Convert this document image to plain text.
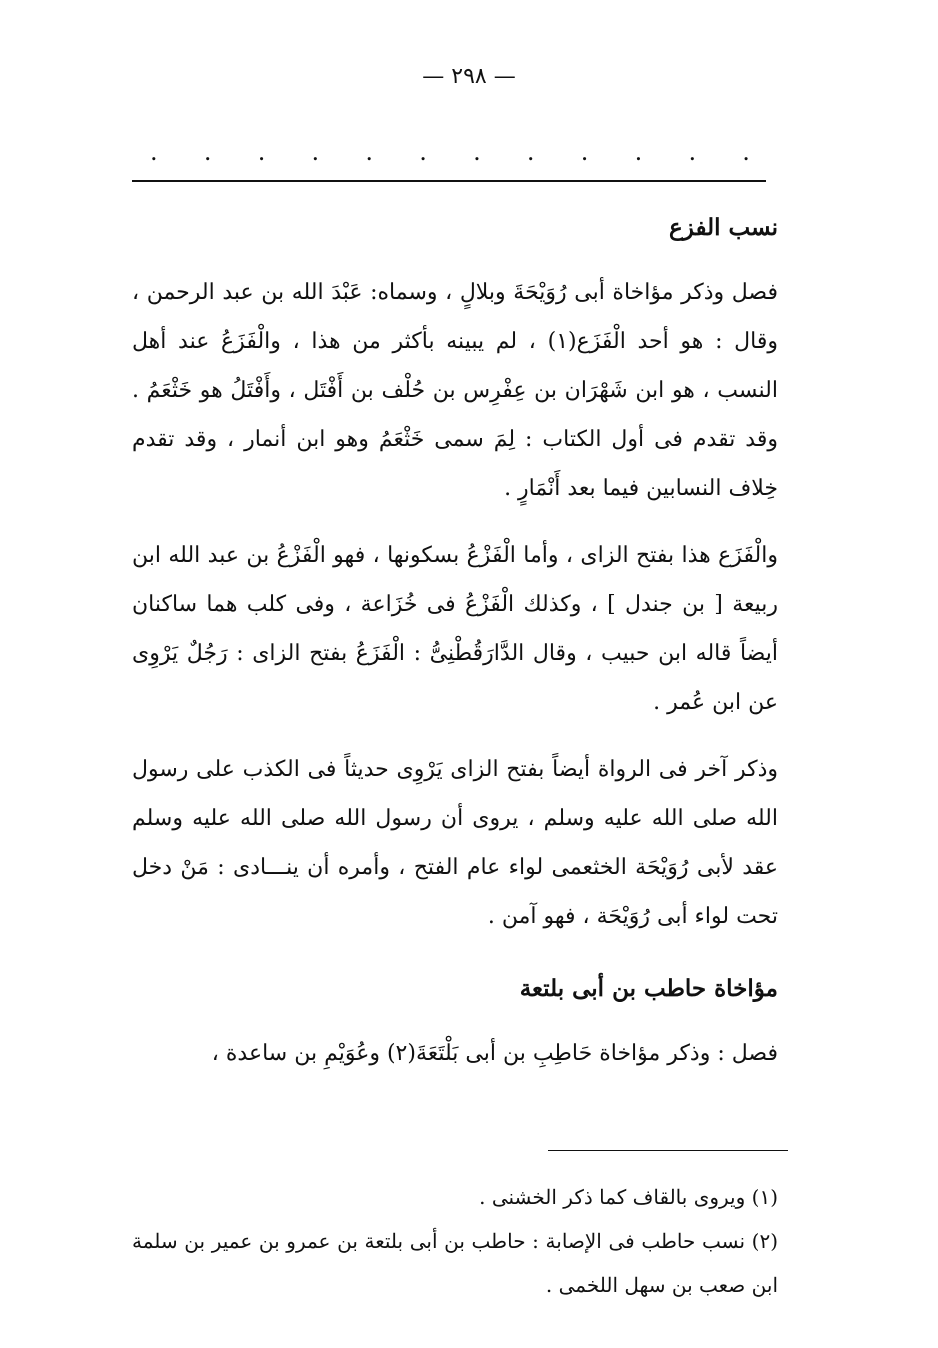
— ٢٩٨ —
. . . . . . . . . . . .
نسب الفزع

فصل وذكر مؤاخاة أبى رُوَيْحَةَ وبلالٍ ، وسماه: عَبْدَ الله بن عبد الرحمن ، وقال : هو أحد الْفَزَع(١) ، لم يبينه بأكثر من هذا ، والْفَزَعُ عند أهل النسب ، هو ابن شَهْرَان بن عِفْرِس بن حُلْف بن أَفْتَل ، وأَفْتَلُ هو خَثْعَمُ . وقد تقدم فى أول الكتاب : لِمَ سمى خَثْعَمُ وهو ابن أنمار ، وقد تقدم خِلاف النسابين فيما بعد أَنْمَارٍ .

والْفَزَع هذا بفتح الزاى ، وأما الْفَزْعُ بسكونها ، فهو الْفَزْعُ بن عبد الله ابن ربيعة [ بن جندل ] ، وكذلك الْفَزْعُ فى خُزَاعة ، وفى كلب هما ساكنان أيضاً قاله ابن حبيب ، وقال الدَّارَقُطْنِىُّ : الْفَزَعُ بفتح الزاى : رَجُلٌ يَرْوِى عن ابن عُمر .

وذكر آخر فى الرواة أيضاً بفتح الزاى يَرْوِى حديثاً فى الكذب على رسول الله صلى الله عليه وسلم ، يروى أن رسول الله صلى الله عليه وسلم عقد لأبى رُوَيْحَة الخثعمى لواء عام الفتح ، وأمره أن ينـــادى : مَنْ دخل تحت لواء أبى رُوَيْحَة ، فهو آمن .

مؤاخاة حاطب بن أبى بلتعة

فصل : وذكر مؤاخاة حَاطِبِ بن أبى بَلْتَعَةَ(٢) وعُوَيْمِ بن ساعدة ،

(١) ويروى بالقاف كما ذكر الخشنى .

(٢) نسب حاطب فى الإصابة : حاطب بن أبى بلتعة بن عمرو بن عمير بن سلمة ابن صعب بن سهل اللخمى .
